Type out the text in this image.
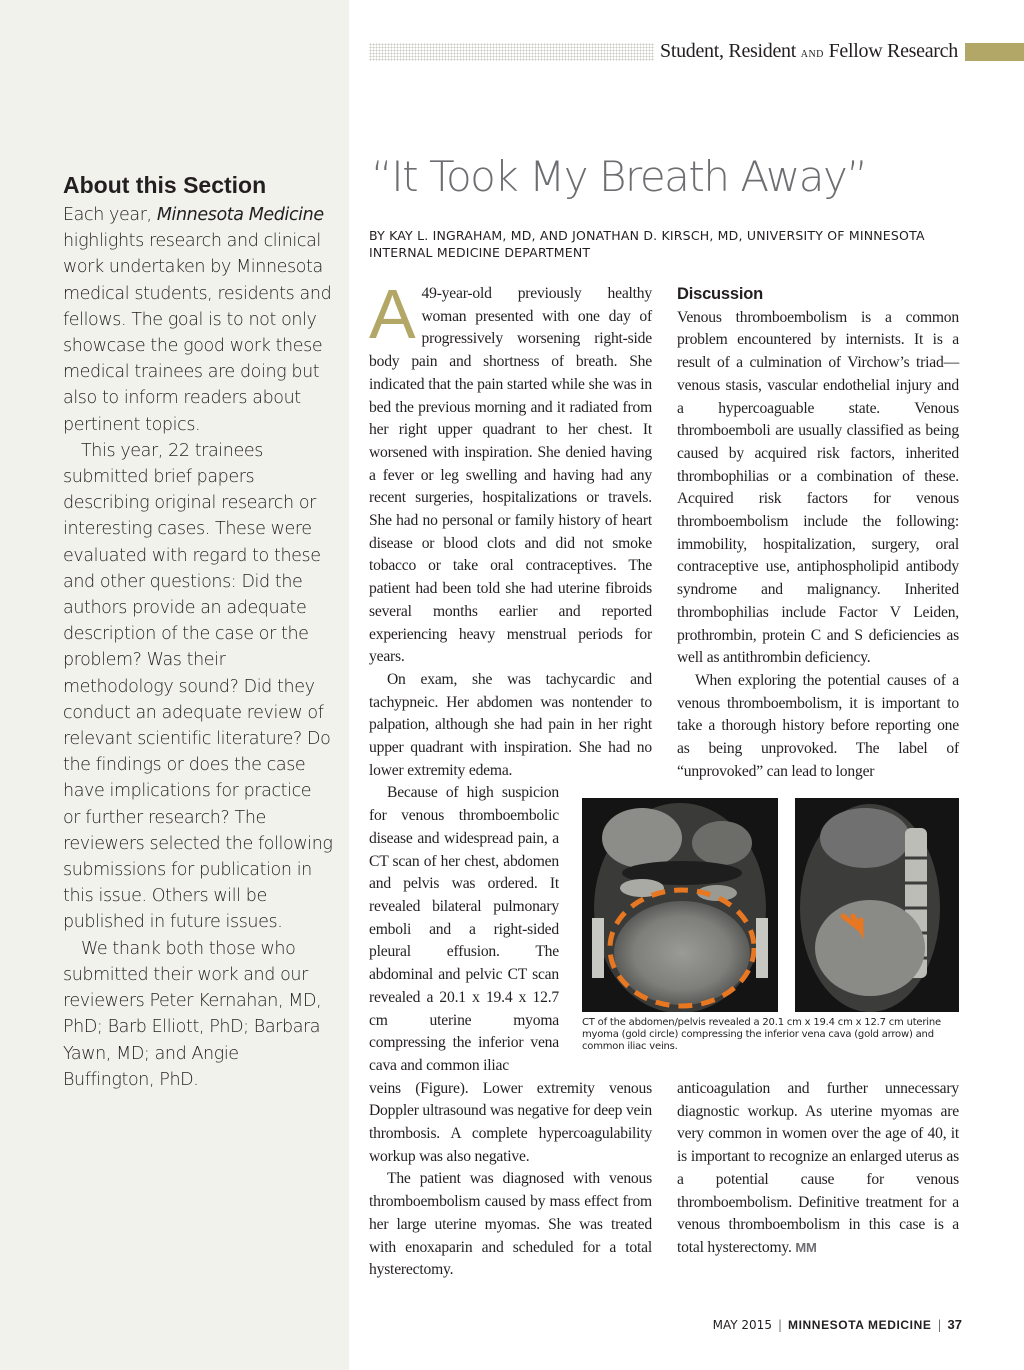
Student, Resident AND Fellow Research
About this Section

Each year, Minnesota Medicine highlights research and clinical work undertaken by Minnesota medical students, residents and fellows. The goal is to not only showcase the good work these medical trainees are doing but also to inform readers about pertinent topics.

This year, 22 trainees submitted brief papers describing original research or interesting cases. These were evaluated with regard to these and other questions: Did the authors provide an adequate description of the case or the problem? Was their methodology sound? Did they conduct an adequate review of relevant scientific literature? Do the findings or does the case have implications for practice or further research? The reviewers selected the following submissions for publication in this issue. Others will be published in future issues.

We thank both those who submitted their work and our reviewers Peter Kernahan, MD, PhD; Barb Elliott, PhD; Barbara Yawn, MD; and Angie Buffington, PhD.

“It Took My Breath Away”
BY KAY L. INGRAHAM, MD, AND JONATHAN D. KIRSCH, MD, UNIVERSITY OF MINNESOTA INTERNAL MEDICINE DEPARTMENT

A 49-year-old previously healthy woman presented with one day of progressively worsening right-side body pain and shortness of breath. She indicated that the pain started while she was in bed the previous morning and it radiated from her right upper quadrant to her chest. It worsened with inspiration. She denied having a fever or leg swelling and having had any recent surgeries, hospitalizations or travels. She had no personal or family history of heart disease or blood clots and did not smoke tobacco or take oral contraceptives. The patient had been told she had uterine fibroids several months earlier and reported experiencing heavy menstrual periods for years.

On exam, she was tachycardic and tachypneic. Her abdomen was nontender to palpation, although she had pain in her right upper quadrant with inspiration. She had no lower extremity edema.

Because of high suspicion for venous thromboembolic disease and widespread pain, a CT scan of her chest, abdomen and pelvis was ordered. It revealed bilateral pulmonary emboli and a right-sided pleural effusion. The abdominal and pelvic CT scan revealed a 20.1 x 19.4 x 12.7 cm uterine myoma compressing the inferior vena cava and common iliac

veins (Figure). Lower extremity venous Doppler ultrasound was negative for deep vein thrombosis. A complete hypercoagulability workup was also negative.

The patient was diagnosed with venous thromboembolism caused by mass effect from her large uterine myomas. She was treated with enoxaparin and scheduled for a total hysterectomy.

Discussion

Venous thromboembolism is a common problem encountered by internists. It is a result of a culmination of Virchow’s triad—venous stasis, vascular endothelial injury and a hypercoaguable state. Venous thromboemboli are usually classified as being caused by acquired risk factors, inherited thrombophilias or a combination of these. Acquired risk factors for venous thromboembolism include the following: immobility, hospitalization, surgery, oral contraceptive use, antiphospholipid antibody syndrome and malignancy. Inherited thrombophilias include Factor V Leiden, prothrombin, protein C and S deficiencies as well as antithrombin deficiency.

When exploring the potential causes of a venous thromboembolism, it is important to take a thorough history before reporting one as being unprovoked. The label of “unprovoked” can lead to longer

CT of the abdomen/pelvis revealed a 20.1 cm x 19.4 cm x 12.7 cm uterine myoma (gold circle) compressing the inferior vena cava (gold arrow) and common iliac veins.

anticoagulation and further unnecessary diagnostic workup. As uterine myomas are very common in women over the age of 40, it is important to recognize an enlarged uterus as a potential cause for venous thromboembolism. Definitive treatment for a venous thromboembolism in this case is a total hysterectomy. MM

MAY 2015 | MINNESOTA MEDICINE | 37
